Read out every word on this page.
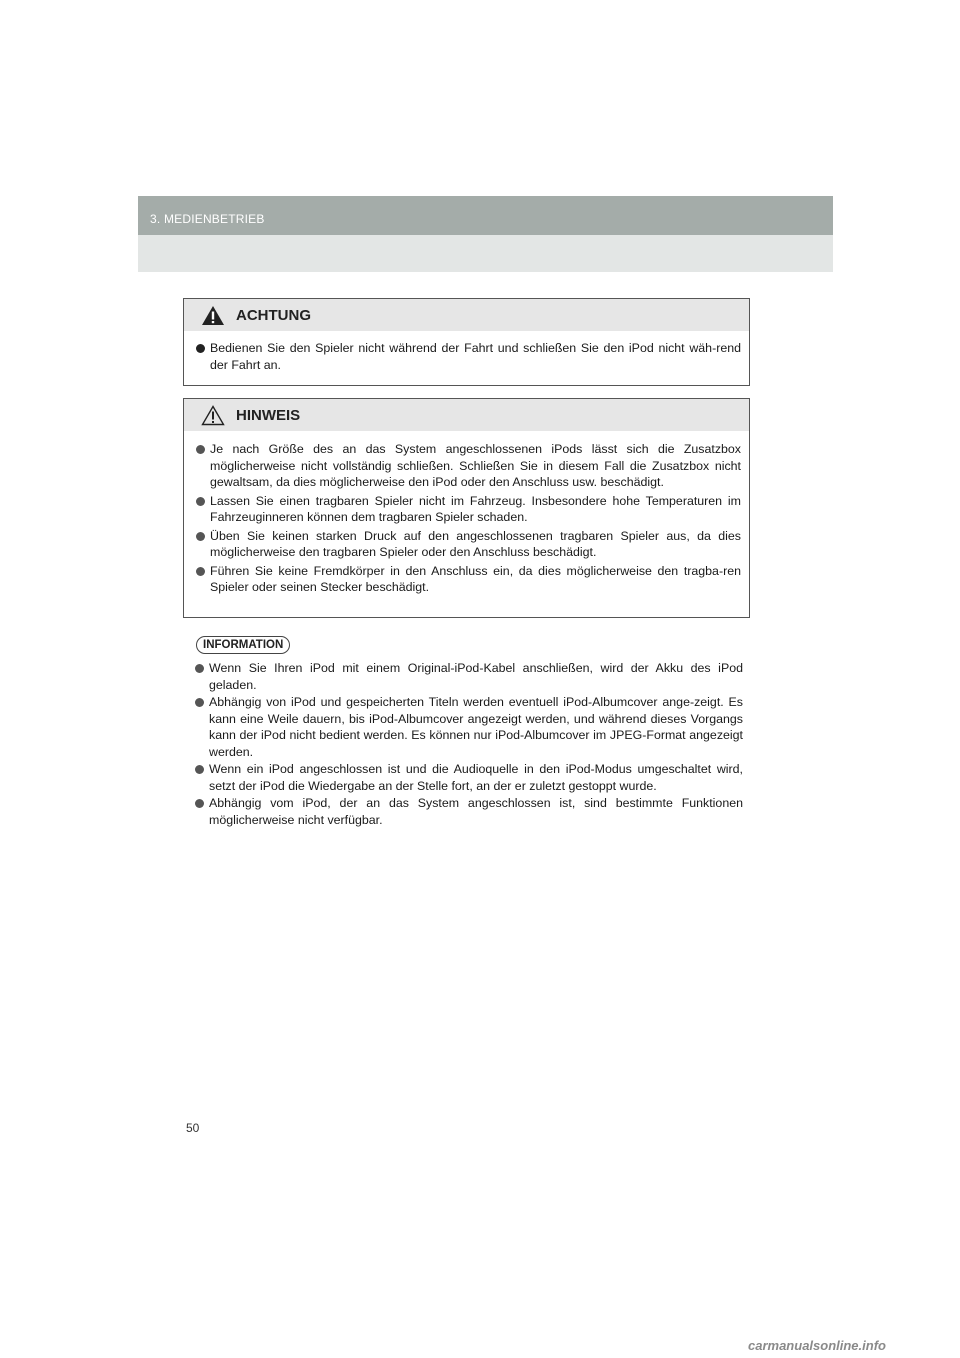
3. MEDIENBETRIEB
ACHTUNG
Bedienen Sie den Spieler nicht während der Fahrt und schließen Sie den iPod nicht wäh-rend der Fahrt an.
HINWEIS
Je nach Größe des an das System angeschlossenen iPods lässt sich die Zusatzbox möglicherweise nicht vollständig schließen. Schließen Sie in diesem Fall die Zusatzbox nicht gewaltsam, da dies möglicherweise den iPod oder den Anschluss usw. beschädigt.
Lassen Sie einen tragbaren Spieler nicht im Fahrzeug. Insbesondere hohe Temperaturen im Fahrzeuginneren können dem tragbaren Spieler schaden.
Üben Sie keinen starken Druck auf den angeschlossenen tragbaren Spieler aus, da dies möglicherweise den tragbaren Spieler oder den Anschluss beschädigt.
Führen Sie keine Fremdkörper in den Anschluss ein, da dies möglicherweise den tragba-ren Spieler oder seinen Stecker beschädigt.
INFORMATION
Wenn Sie Ihren iPod mit einem Original-iPod-Kabel anschließen, wird der Akku des iPod geladen.
Abhängig von iPod und gespeicherten Titeln werden eventuell iPod-Albumcover ange-zeigt. Es kann eine Weile dauern, bis iPod-Albumcover angezeigt werden, und während dieses Vorgangs kann der iPod nicht bedient werden. Es können nur iPod-Albumcover im JPEG-Format angezeigt werden.
Wenn ein iPod angeschlossen ist und die Audioquelle in den iPod-Modus umgeschaltet wird, setzt der iPod die Wiedergabe an der Stelle fort, an der er zuletzt gestoppt wurde.
Abhängig vom iPod, der an das System angeschlossen ist, sind bestimmte Funktionen möglicherweise nicht verfügbar.
50
carmanualsonline.info
